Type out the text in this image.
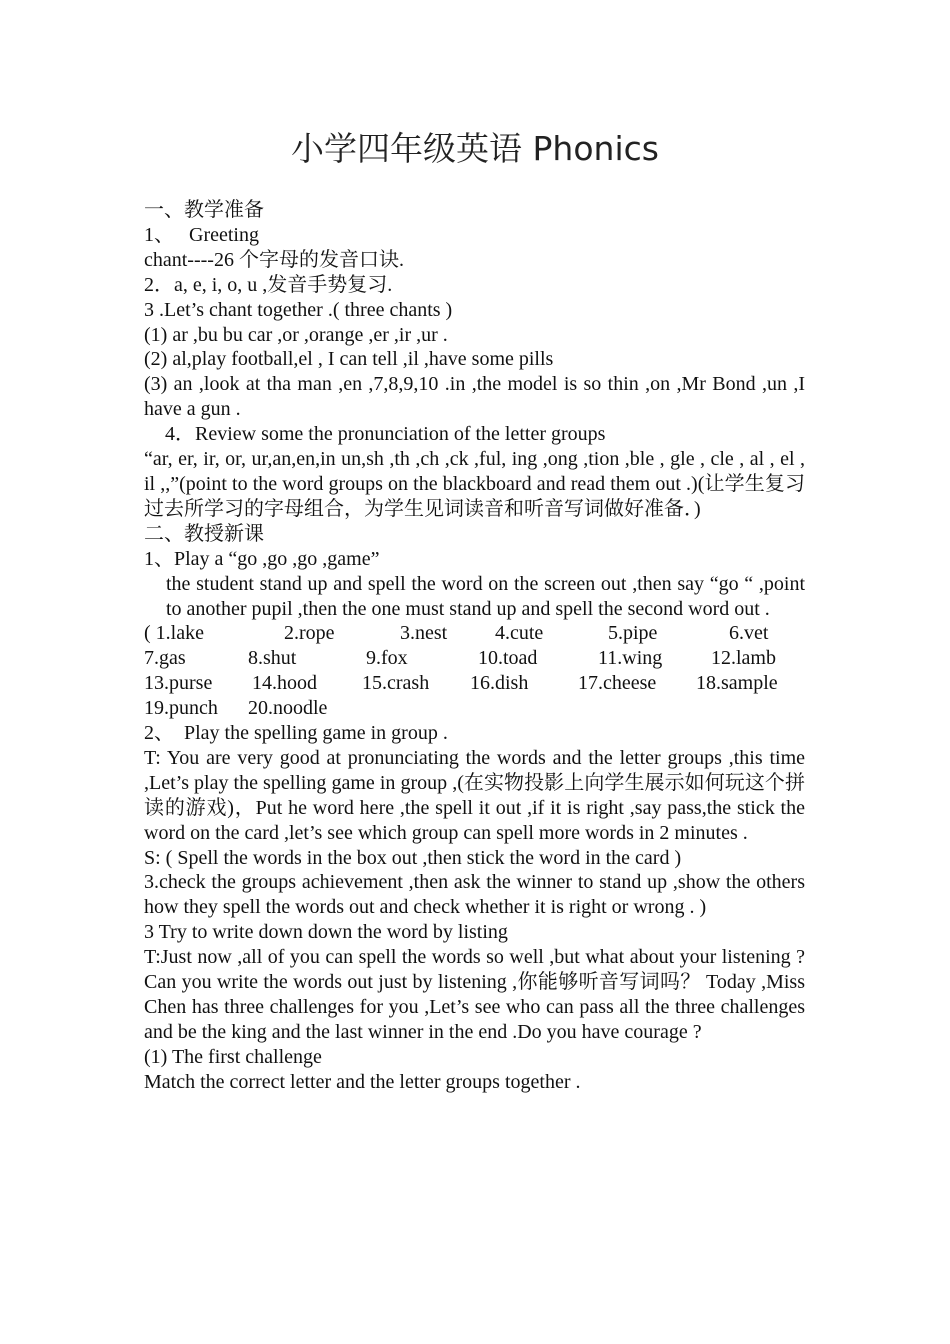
小学四年级英语 Phonics

一、教学准备

1、　 Greeting

chant----26 个字母的发音口诀.

2．a, e, i, o, u ,发音手势复习.

3 .Let’s chant together .( three chants )

(1) ar ,bu bu car ,or ,orange ,er ,ir ,ur .

(2) al,play football,el , I can tell ,il ,have some pills

(3) an ,look at tha man ,en ,7,8,9,10 .in ,the model is so thin ,on ,Mr Bond ,un ,I have a gun .

4．Review some the pronunciation of the letter groups

“ar, er, ir, or, ur,an,en,in un,sh ,th ,ch ,ck ,ful, ing ,ong ,tion ,ble , gle , cle , al , el , il ,,”(point to the word groups on the blackboard and read them out .)(让学生复习过去所学习的字母组合，为学生见词读音和听音写词做好准备．)

二、教授新课

1、Play a “go ,go ,go ,game”

the student stand up and spell the word on the screen out ,then say “go “ ,point to another pupil ,then the one must stand up and spell the second word out .

( 1.lake	2.rope	3.nest	4.cute	5.pipe	6.vet
7.gas	8.shut	9.fox	10.toad	11.wing	12.lamb
13.purse	14.hood	15.crash	16.dish	17.cheese	18.sample
19.punch	20.noodle

2、　Play the spelling game in group .

T: You are very good at pronunciating the words and the letter groups ,this time ,Let’s play the spelling game in group ,(在实物投影上向学生展示如何玩这个拼读的游戏)，Put he word here ,the spell it out ,if it is right ,say pass,the stick the word on the card ,let’s see which group can spell more words in 2 minutes .

S: ( Spell the words in the box out ,then stick the word in the card )

3.check the groups achievement ,then ask the winner to stand up ,show the others how they spell the words out and check whether it is right or wrong . )

3 Try to write down down the word by listing

T:Just now ,all of you can spell the words so well ,but what about your listening ? Can you write the words out just by listening ,你能够听音写词吗？ Today ,Miss Chen has three challenges for you ,Let’s see who can pass all the three challenges and be the king and the last winner in the end .Do you have courage ?

(1) The first challenge

Match the correct letter and the letter groups together .
